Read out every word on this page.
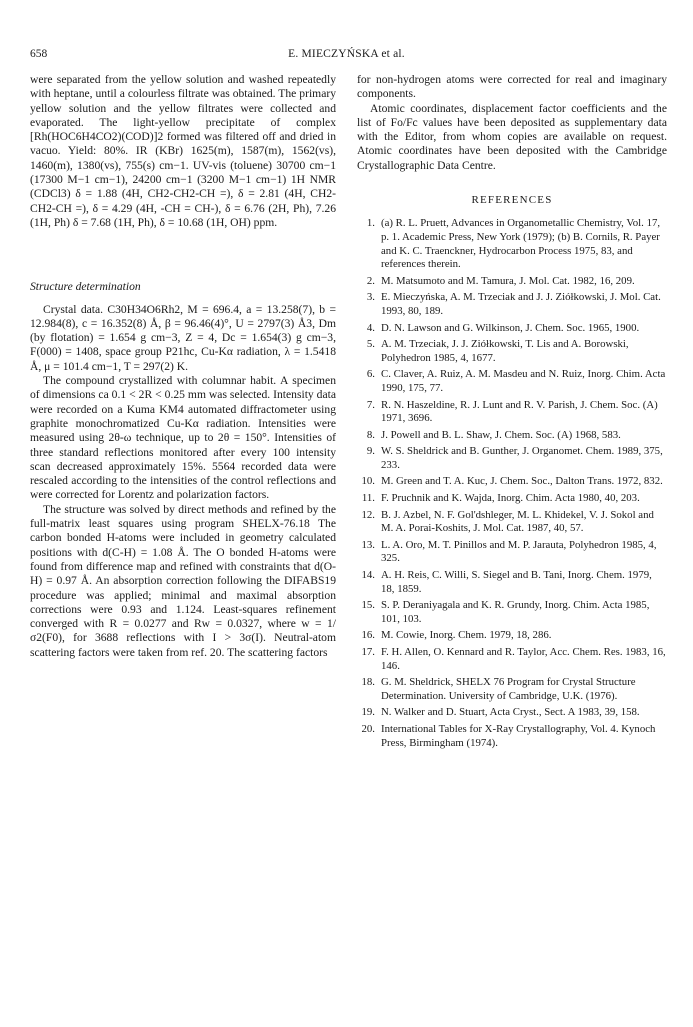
658	E. MIECZYŃSKA et al.

were separated from the yellow solution and washed repeatedly with heptane, until a colourless filtrate was obtained. The primary yellow solution and the yellow filtrates were collected and evaporated. The light-yellow precipitate of complex [Rh(HOC6H4CO2)(COD)]2 formed was filtered off and dried in vacuo. Yield: 80%. IR (KBr) 1625(m), 1587(m), 1562(vs), 1460(m), 1380(vs), 755(s) cm−1. UV-vis (toluene) 30700 cm−1 (17300 M−1 cm−1), 24200 cm−1 (3200 M−1 cm−1) 1H NMR (CDCl3) δ = 1.88 (4H, CH2-CH2-CH =), δ = 2.81 (4H, CH2-CH2-CH =), δ = 4.29 (4H, -CH = CH-), δ = 6.76 (2H, Ph), 7.26 (1H, Ph) δ = 7.68 (1H, Ph), δ = 10.68 (1H, OH) ppm.

Structure determination

Crystal data. C30H34O6Rh2, M = 696.4, a = 13.258(7), b = 12.984(8), c = 16.352(8) Å, β = 96.46(4)°, U = 2797(3) Å3, Dm (by flotation) = 1.654 g cm−3, Z = 4, Dc = 1.654(3) g cm−3, F(000) = 1408, space group P21hc, Cu-Kα radiation, λ = 1.5418 Å, μ = 101.4 cm−1, T = 297(2) K.

The compound crystallized with columnar habit. A specimen of dimensions ca 0.1 < 2R < 0.25 mm was selected. Intensity data were recorded on a Kuma KM4 automated diffractometer using graphite monochromatized Cu-Kα radiation. Intensities were measured using 2θ-ω technique, up to 2θ = 150°. Intensities of three standard reflections monitored after every 100 intensity scan decreased approximately 15%. 5564 recorded data were rescaled according to the intensities of the control reflections and were corrected for Lorentz and polarization factors.

The structure was solved by direct methods and refined by the full-matrix least squares using program SHELX-76.18 The carbon bonded H-atoms were included in geometry calculated positions with d(C-H) = 1.08 Å. The O bonded H-atoms were found from difference map and refined with constraints that d(O-H) = 0.97 Å. An absorption correction following the DIFABS19 procedure was applied; minimal and maximal absorption corrections were 0.93 and 1.124. Least-squares refinement converged with R = 0.0277 and Rw = 0.0327, where w = 1/σ2(F0), for 3688 reflections with I > 3σ(I). Neutral-atom scattering factors were taken from ref. 20. The scattering factors

for non-hydrogen atoms were corrected for real and imaginary components.

Atomic coordinates, displacement factor coefficients and the list of Fo/Fc values have been deposited as supplementary data with the Editor, from whom copies are available on request. Atomic coordinates have been deposited with the Cambridge Crystallographic Data Centre.

REFERENCES
1. (a) R. L. Pruett, Advances in Organometallic Chemistry, Vol. 17, p. 1. Academic Press, New York (1979); (b) B. Cornils, R. Payer and K. C. Traenckner, Hydrocarbon Process 1975, 83, and references therein.
2. M. Matsumoto and M. Tamura, J. Mol. Cat. 1982, 16, 209.
3. E. Mieczyńska, A. M. Trzeciak and J. J. Ziółkowski, J. Mol. Cat. 1993, 80, 189.
4. D. N. Lawson and G. Wilkinson, J. Chem. Soc. 1965, 1900.
5. A. M. Trzeciak, J. J. Ziółkowski, T. Lis and A. Borowski, Polyhedron 1985, 4, 1677.
6. C. Claver, A. Ruiz, A. M. Masdeu and N. Ruiz, Inorg. Chim. Acta 1990, 175, 77.
7. R. N. Haszeldine, R. J. Lunt and R. V. Parish, J. Chem. Soc. (A) 1971, 3696.
8. J. Powell and B. L. Shaw, J. Chem. Soc. (A) 1968, 583.
9. W. S. Sheldrick and B. Gunther, J. Organomet. Chem. 1989, 375, 233.
10. M. Green and T. A. Kuc, J. Chem. Soc., Dalton Trans. 1972, 832.
11. F. Pruchnik and K. Wajda, Inorg. Chim. Acta 1980, 40, 203.
12. B. J. Azbel, N. F. Gol'dshleger, M. L. Khidekel, V. J. Sokol and M. A. Porai-Koshits, J. Mol. Cat. 1987, 40, 57.
13. L. A. Oro, M. T. Pinillos and M. P. Jarauta, Polyhedron 1985, 4, 325.
14. A. H. Reis, C. Willi, S. Siegel and B. Tani, Inorg. Chem. 1979, 18, 1859.
15. S. P. Deraniyagala and K. R. Grundy, Inorg. Chim. Acta 1985, 101, 103.
16. M. Cowie, Inorg. Chem. 1979, 18, 286.
17. F. H. Allen, O. Kennard and R. Taylor, Acc. Chem. Res. 1983, 16, 146.
18. G. M. Sheldrick, SHELX 76 Program for Crystal Structure Determination. University of Cambridge, U.K. (1976).
19. N. Walker and D. Stuart, Acta Cryst., Sect. A 1983, 39, 158.
20. International Tables for X-Ray Crystallography, Vol. 4. Kynoch Press, Birmingham (1974).
